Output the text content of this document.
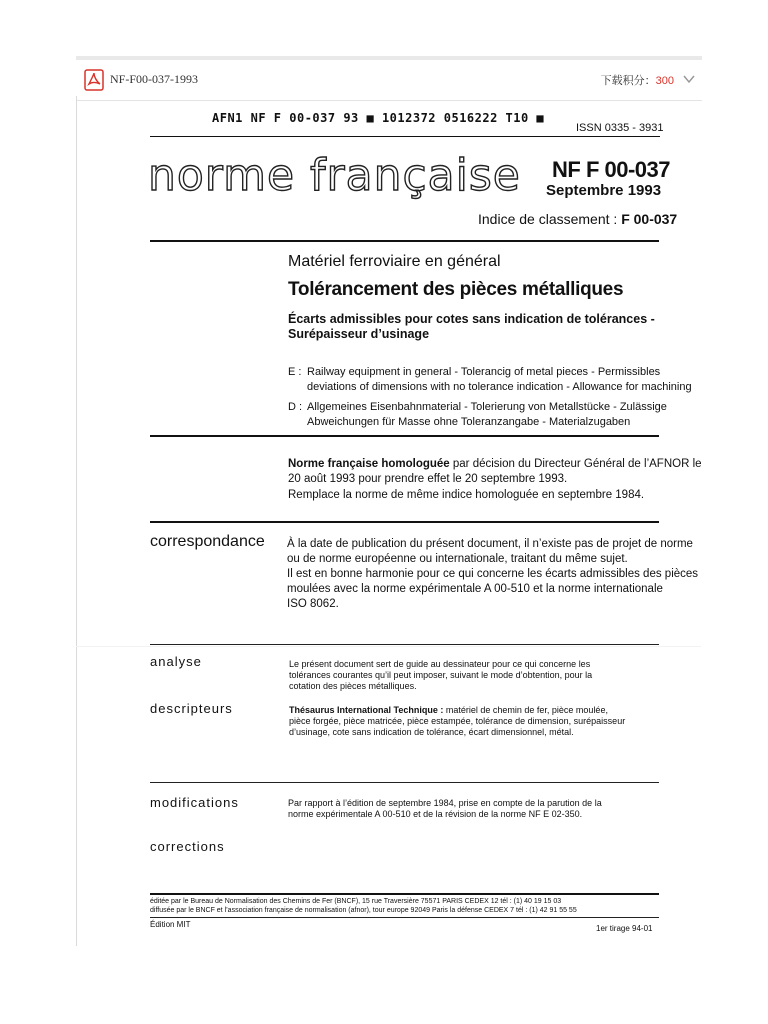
NF-F00-037-1993	下载积分：300
AFN1 NF F 00-037 93 ■ 1012372 0516222 T10 ■
ISSN 0335 - 3931
norme française NF F 00-037
Septembre 1993
Indice de classement : F 00-037
Matériel ferroviaire en général
Tolérancement des pièces métalliques
Écarts admissibles pour cotes sans indication de tolérances -
Surépaisseur d’usinage
E : Railway equipment in general - Tolerancig of metal pieces - Permissibles
deviations of dimensions with no tolerance indication - Allowance for machining
D : Allgemeines Eisenbahnmaterial - Tolerierung von Metallstücke - Zulässige
Abweichungen für Masse ohne Toleranzangabe - Materialzugaben
Norme française homologuée par décision du Directeur Général de l’AFNOR le
20 août 1993 pour prendre effet le 20 septembre 1993.
Remplace la norme de même indice homologuée en septembre 1984.
correspondance À la date de publication du présent document, il n’existe pas de projet de norme
ou de norme européenne ou internationale, traitant du même sujet.
Il est en bonne harmonie pour ce qui concerne les écarts admissibles des pièces
moulées avec la norme expérimentale A 00-510 et la norme internationale
ISO 8062.
analyse	Le présent document sert de guide au dessinateur pour ce qui concerne les
tolérances courantes qu’il peut imposer, suivant le mode d’obtention, pour la
cotation des pièces métalliques.
descripteurs	Thésaurus International Technique : matériel de chemin de fer, pièce moulée,
pièce forgée, pièce matricée, pièce estampée, tolérance de dimension, surépaisseur
d’usinage, cote sans indication de tolérance, écart dimensionnel, métal.
modifications	Par rapport à l’édition de septembre 1984, prise en compte de la parution de la
norme expérimentale A 00-510 et de la révision de la norme NF E 02-350.
corrections
éditée par le Bureau de Normalisation des Chemins de Fer (BNCF), 15 rue Traversière 75571 PARIS CEDEX 12 tél : (1) 40 19 15 03
diffusée par le BNCF et l’association française de normalisation (afnor), tour europe 92049 Paris la défense CEDEX 7 tél : (1) 42 91 55 55
Édition MIT	1er tirage 94-01
